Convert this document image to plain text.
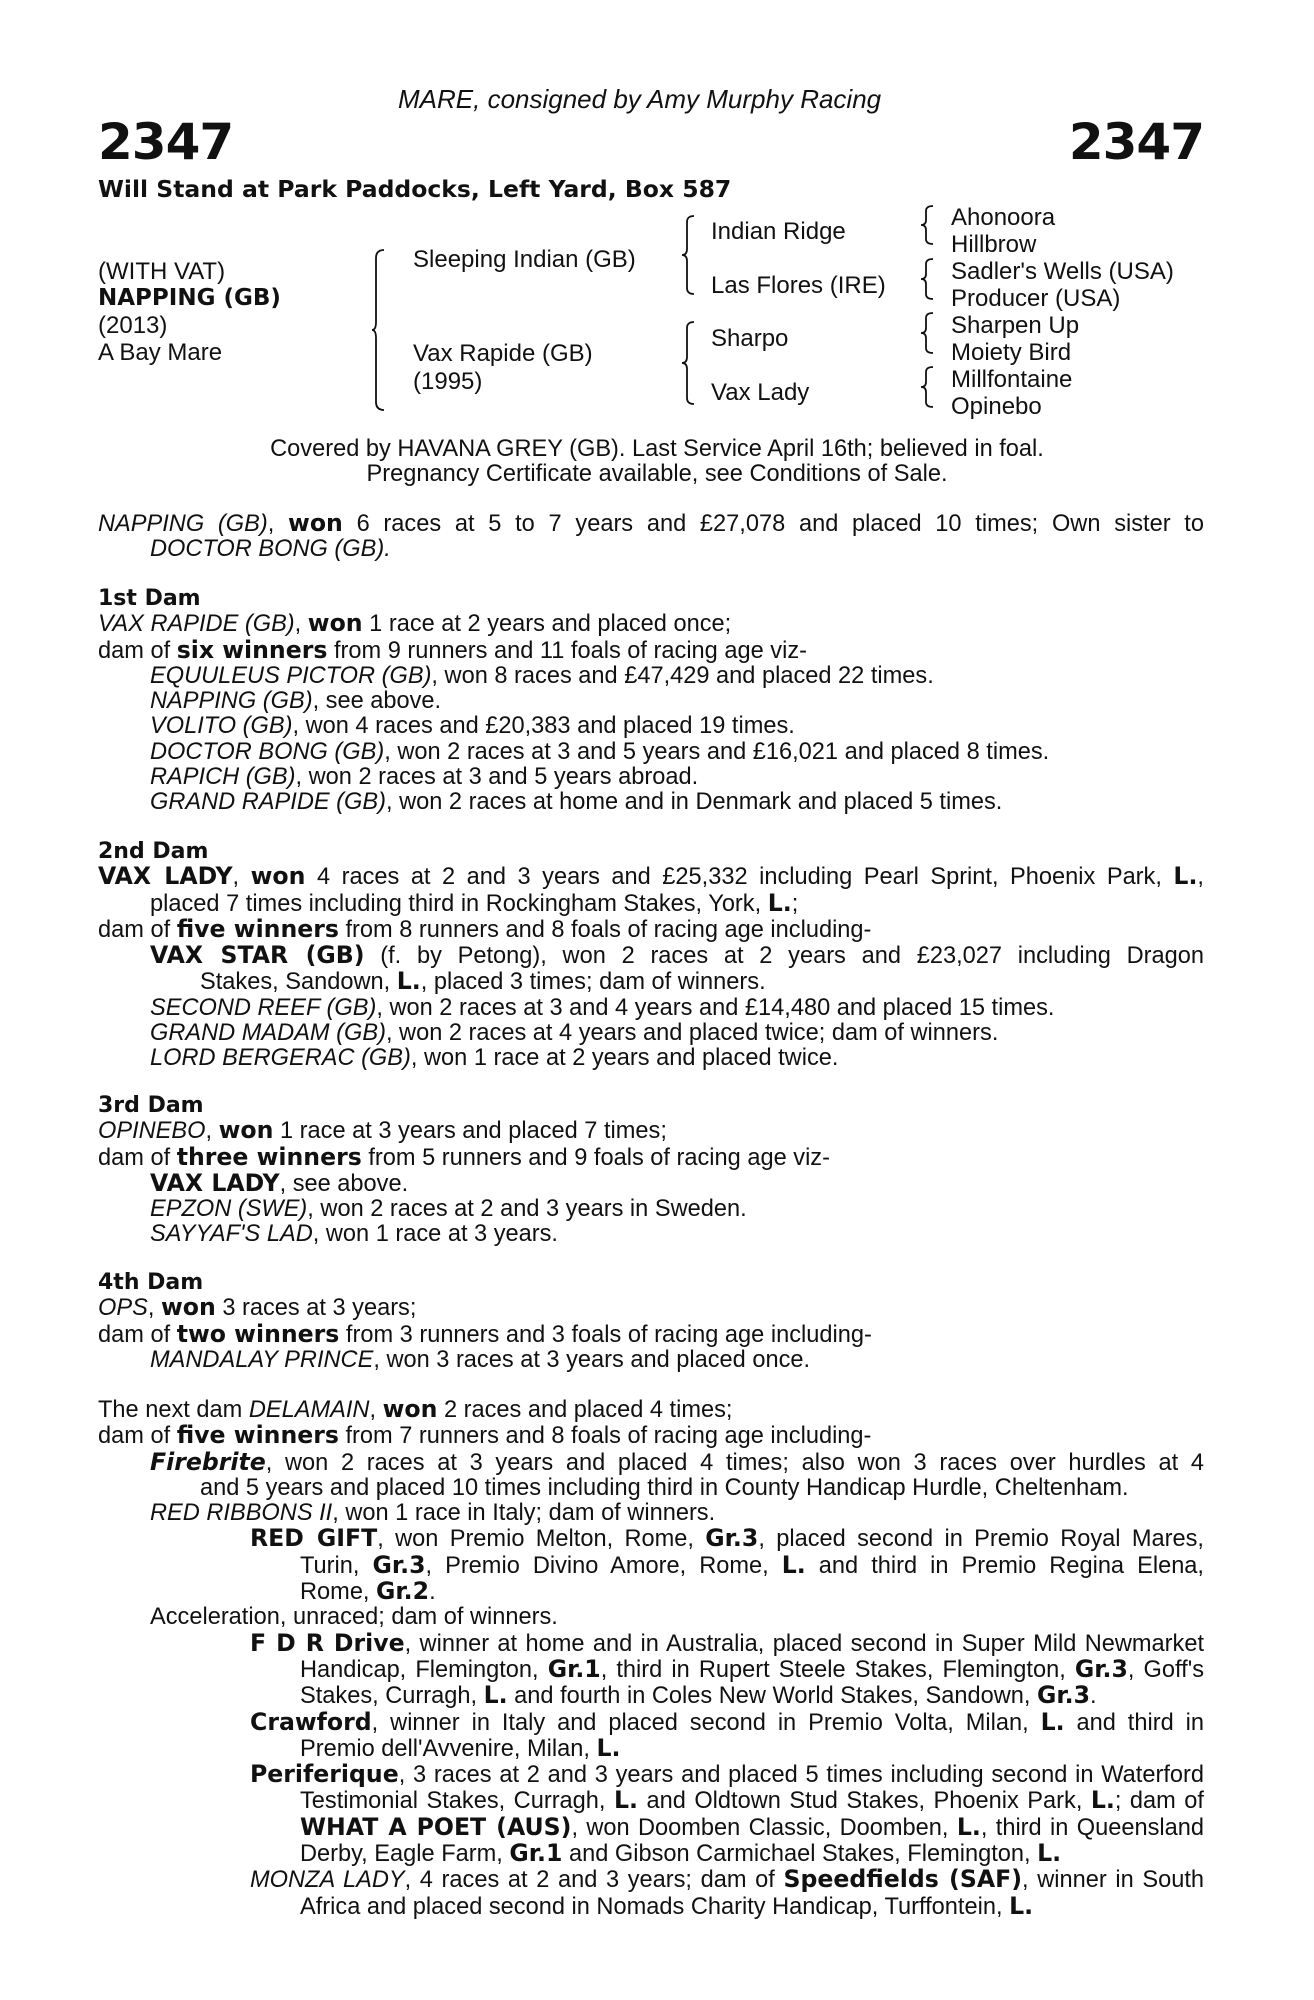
MARE, consigned by Amy Murphy Racing
2347	2347
Will Stand at Park Paddocks, Left Yard, Box 587
(WITH VAT)
NAPPING (GB)
(2013)
A Bay Mare
Sleeping Indian (GB)
Vax Rapide (GB)
(1995)
Indian Ridge
Las Flores (IRE)
Sharpo
Vax Lady
Ahonoora
Hillbrow
Sadler's Wells (USA)
Producer (USA)
Sharpen Up
Moiety Bird
Millfontaine
Opinebo
Covered by HAVANA GREY (GB). Last Service April 16th; believed in foal.
Pregnancy Certificate available, see Conditions of Sale.
NAPPING (GB), won 6 races at 5 to 7 years and £27,078 and placed 10 times; Own sister to
DOCTOR BONG (GB).
1st Dam
VAX RAPIDE (GB), won 1 race at 2 years and placed once;
dam of six winners from 9 runners and 11 foals of racing age viz-
EQUULEUS PICTOR (GB), won 8 races and £47,429 and placed 22 times.
NAPPING (GB), see above.
VOLITO (GB), won 4 races and £20,383 and placed 19 times.
DOCTOR BONG (GB), won 2 races at 3 and 5 years and £16,021 and placed 8 times.
RAPICH (GB), won 2 races at 3 and 5 years abroad.
GRAND RAPIDE (GB), won 2 races at home and in Denmark and placed 5 times.
2nd Dam
VAX LADY, won 4 races at 2 and 3 years and £25,332 including Pearl Sprint, Phoenix Park, L.,
placed 7 times including third in Rockingham Stakes, York, L.;
dam of five winners from 8 runners and 8 foals of racing age including-
VAX STAR (GB) (f. by Petong), won 2 races at 2 years and £23,027 including Dragon
Stakes, Sandown, L., placed 3 times; dam of winners.
SECOND REEF (GB), won 2 races at 3 and 4 years and £14,480 and placed 15 times.
GRAND MADAM (GB), won 2 races at 4 years and placed twice; dam of winners.
LORD BERGERAC (GB), won 1 race at 2 years and placed twice.
3rd Dam
OPINEBO, won 1 race at 3 years and placed 7 times;
dam of three winners from 5 runners and 9 foals of racing age viz-
VAX LADY, see above.
EPZON (SWE), won 2 races at 2 and 3 years in Sweden.
SAYYAF'S LAD, won 1 race at 3 years.
4th Dam
OPS, won 3 races at 3 years;
dam of two winners from 3 runners and 3 foals of racing age including-
MANDALAY PRINCE, won 3 races at 3 years and placed once.
The next dam DELAMAIN, won 2 races and placed 4 times;
dam of five winners from 7 runners and 8 foals of racing age including-
Firebrite, won 2 races at 3 years and placed 4 times; also won 3 races over hurdles at 4
and 5 years and placed 10 times including third in County Handicap Hurdle, Cheltenham.
RED RIBBONS II, won 1 race in Italy; dam of winners.
RED GIFT, won Premio Melton, Rome, Gr.3, placed second in Premio Royal Mares,
Turin, Gr.3, Premio Divino Amore, Rome, L. and third in Premio Regina Elena,
Rome, Gr.2.
Acceleration, unraced; dam of winners.
F D R Drive, winner at home and in Australia, placed second in Super Mild Newmarket
Handicap, Flemington, Gr.1, third in Rupert Steele Stakes, Flemington, Gr.3, Goff's
Stakes, Curragh, L. and fourth in Coles New World Stakes, Sandown, Gr.3.
Crawford, winner in Italy and placed second in Premio Volta, Milan, L. and third in
Premio dell'Avvenire, Milan, L.
Periferique, 3 races at 2 and 3 years and placed 5 times including second in Waterford
Testimonial Stakes, Curragh, L. and Oldtown Stud Stakes, Phoenix Park, L.; dam of
WHAT A POET (AUS), won Doomben Classic, Doomben, L., third in Queensland
Derby, Eagle Farm, Gr.1 and Gibson Carmichael Stakes, Flemington, L.
MONZA LADY, 4 races at 2 and 3 years; dam of Speedfields (SAF), winner in South
Africa and placed second in Nomads Charity Handicap, Turffontein, L.
